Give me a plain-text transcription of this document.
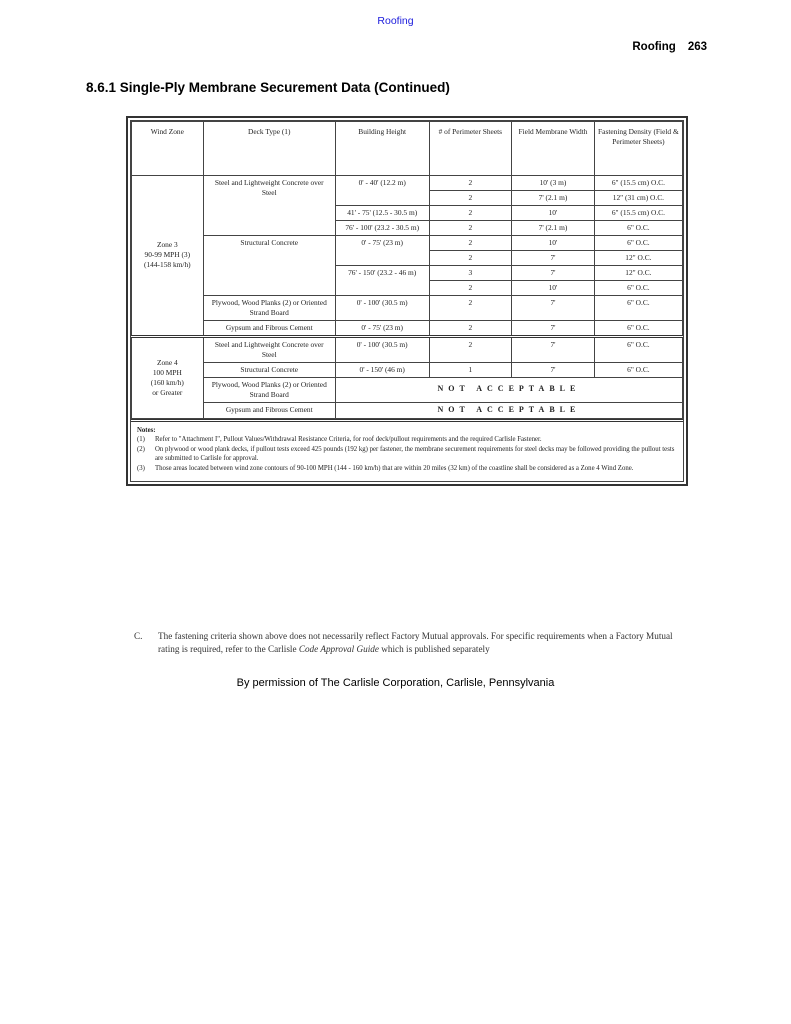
Roofing
Roofing 263
8.6.1 Single-Ply Membrane Securement Data (Continued)
Wind Zone	Deck Type (1)	Building Height	# of Perimeter Sheets	Field Membrane Width	Fastening Density (Field & Perimeter Sheets)
Zone 3
90-99 MPH (3)
(144-158 km/h)	Steel and Lightweight Concrete over Steel	0' - 40' (12.2 m)	2	10' (3 m)	6" (15.5 cm) O.C.
			2	7' (2.1 m)	12" (31 cm) O.C.
		41' - 75' (12.5 - 30.5 m)	2	10'	6" (15.5 cm) O.C.
		76' - 100' (23.2 - 30.5 m)	2	7' (2.1 m)	6" O.C.
	Structural Concrete	0' - 75' (23 m)	2	10'	6" O.C.
			2	7'	12" O.C.
		76' - 150' (23.2 - 46 m)	3	7'	12" O.C.
			2	10'	6" O.C.
	Plywood, Wood Planks (2) or Oriented Strand Board	0' - 100' (30.5 m)	2	7'	6" O.C.
	Gypsum and Fibrous Cement	0' - 75' (23 m)	2	7'	6" O.C.
Zone 4
100 MPH
(160 km/h)
or Greater	Steel and Lightweight Concrete over Steel	0' - 100' (30.5 m)	2	7'	6" O.C.
	Structural Concrete	0' - 150' (46 m)	1	7'	6" O.C.
	Plywood, Wood Planks (2) or Oriented Strand Board	NOT ACCEPTABLE			
	Gypsum and Fibrous Cement	NOT ACCEPTABLE			
Notes:
(1)	Refer to "Attachment I", Pullout Values/Withdrawal Resistance Criteria, for roof deck/pullout requirements and the required Carlisle Fastener.
(2)	On plywood or wood plank decks, if pullout tests exceed 425 pounds (192 kg) per fastener, the membrane securement requirements for steel decks may be followed providing the pullout tests are submitted to Carlisle for approval.
(3)	Those areas located between wind zone contours of 90-100 MPH (144 - 160 km/h) that are within 20 miles (32 km) of the coastline shall be considered as a Zone 4 Wind Zone.
C.	The fastening criteria shown above does not necessarily reflect Factory Mutual approvals. For specific requirements when a Factory Mutual rating is required, refer to the Carlisle Code Approval Guide which is published separately
By permission of The Carlisle Corporation, Carlisle, Pennsylvania
